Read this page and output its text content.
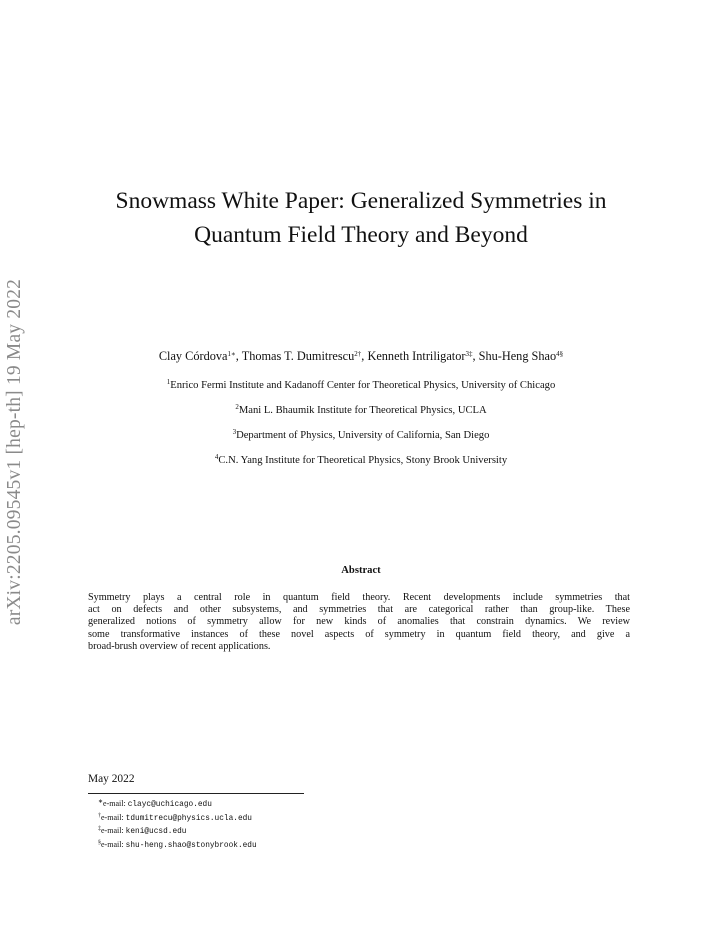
arXiv:2205.09545v1 [hep-th] 19 May 2022
Snowmass White Paper: Generalized Symmetries in
Quantum Field Theory and Beyond
Clay Córdova$^{1∗}$, Thomas T. Dumitrescu$^{2\dagger}$, Kenneth Intriligator$^{3\ddagger}$, Shu-Heng Shao$^{4\S}$
$^1$Enrico Fermi Institute and Kadanoff Center for Theoretical Physics, University of Chicago
$^2$Mani L. Bhaumik Institute for Theoretical Physics, UCLA
$^3$Department of Physics, University of California, San Diego
$^4$C.N. Yang Institute for Theoretical Physics, Stony Brook University
Abstract
Symmetry plays a central role in quantum field theory. Recent developments include symmetries that
act on defects and other subsystems, and symmetries that are categorical rather than group-like. These
generalized notions of symmetry allow for new kinds of anomalies that constrain dynamics. We review
some transformative instances of these novel aspects of symmetry in quantum field theory, and give a
broad-brush overview of recent applications.
May 2022
∗e-mail: clayc@uchicago.edu
†e-mail: tdumitrecu@physics.ucla.edu
‡e-mail: keni@ucsd.edu
§e-mail: shu-heng.shao@stonybrook.edu
